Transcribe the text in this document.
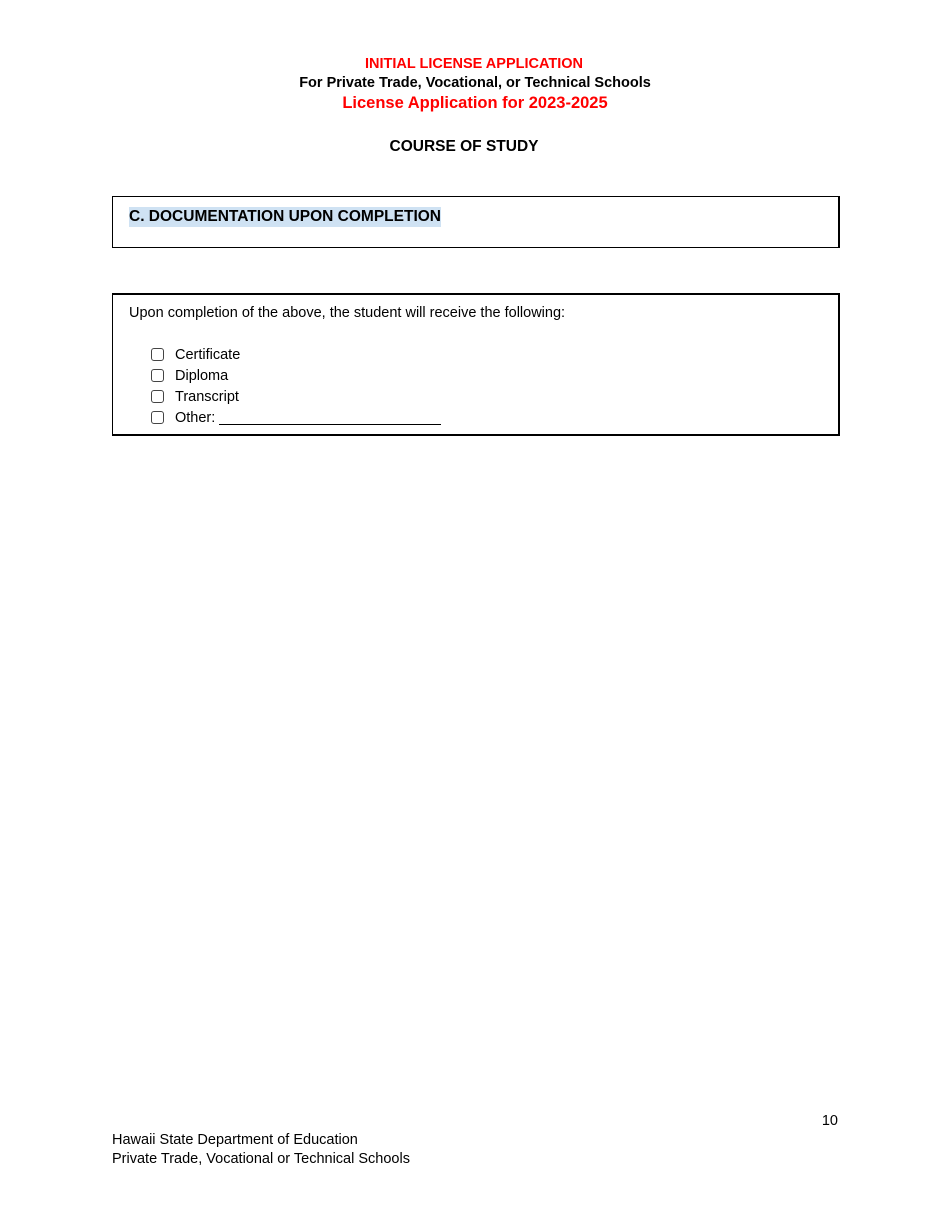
INITIAL LICENSE APPLICATION
For Private Trade, Vocational, or Technical Schools
License Application for 2023-2025
COURSE OF STUDY
C. DOCUMENTATION UPON COMPLETION
Upon completion of the above, the student will receive the following:
Certificate
Diploma
Transcript
Other:
10
Hawaii State Department of Education
Private Trade, Vocational or Technical Schools
